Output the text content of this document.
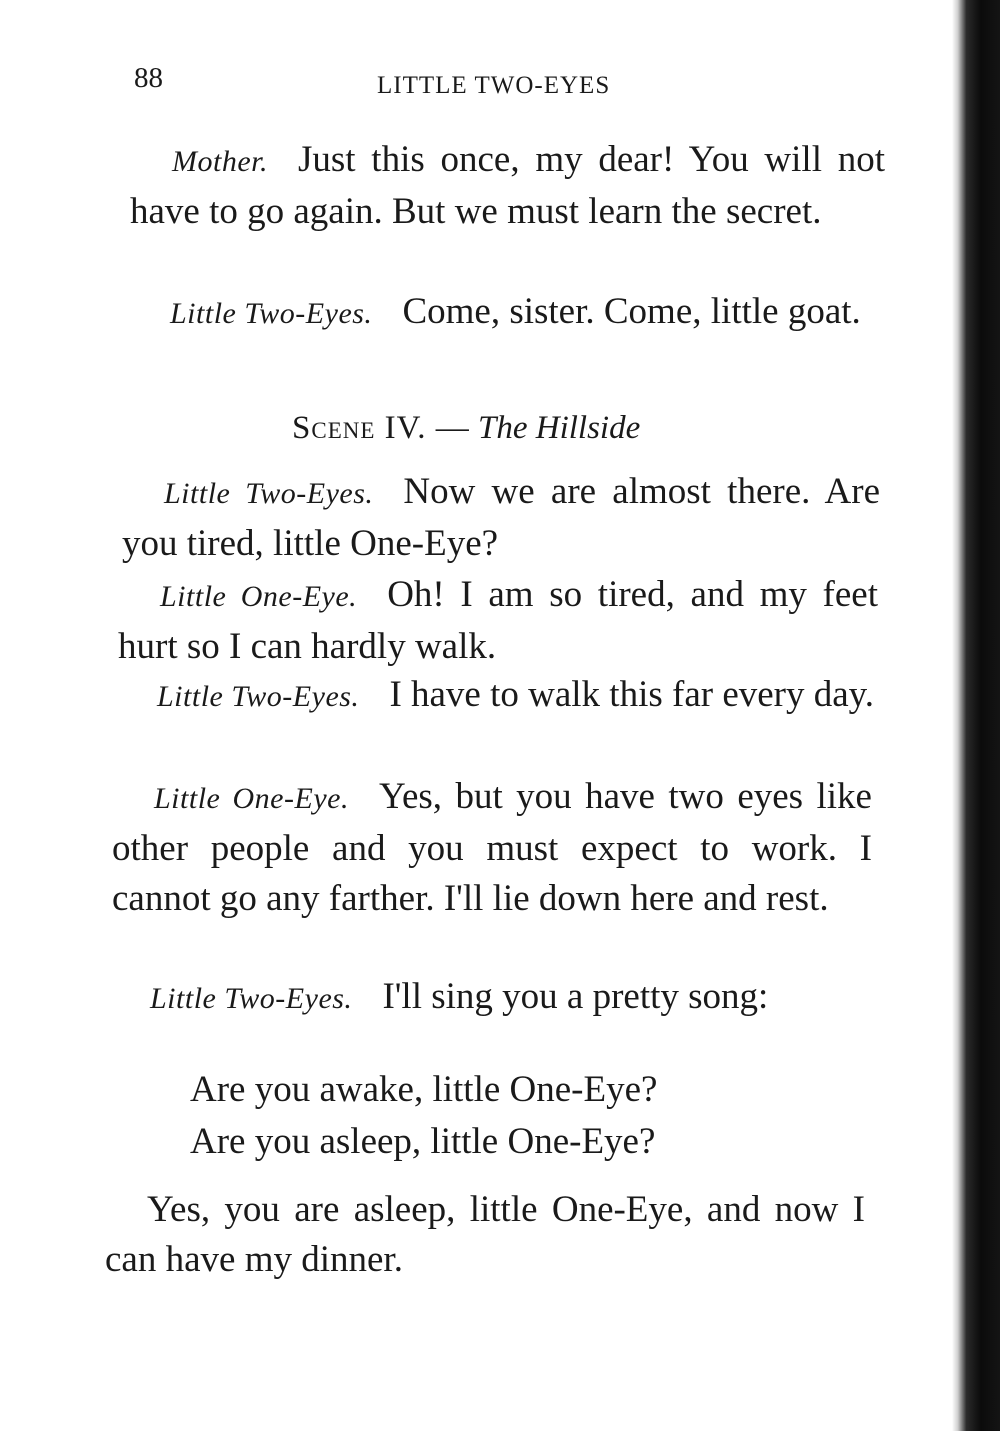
88	LITTLE TWO-EYES

Mother. Just this once, my dear! You will not have to go again. But we must learn the secret.

Little Two-Eyes. Come, sister. Come, little goat.

Scene IV. — The Hillside

Little Two-Eyes. Now we are almost there. Are you tired, little One-Eye?

Little One-Eye. Oh! I am so tired, and my feet hurt so I can hardly walk.

Little Two-Eyes. I have to walk this far every day.

Little One-Eye. Yes, but you have two eyes like other people and you must expect to work. I cannot go any farther. I'll lie down here and rest.

Little Two-Eyes. I'll sing you a pretty song:

Are you awake, little One-Eye?
Are you asleep, little One-Eye?

Yes, you are asleep, little One-Eye, and now I can have my dinner.
